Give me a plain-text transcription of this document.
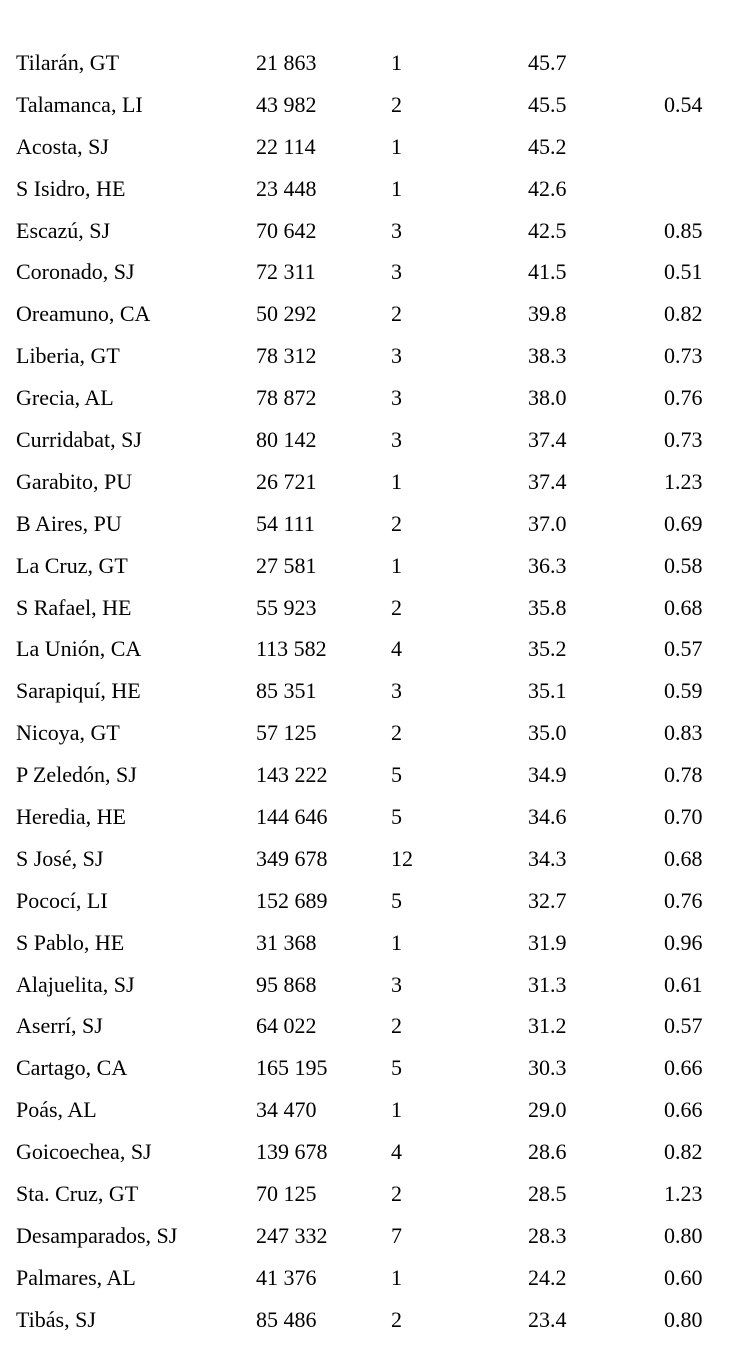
Tilarán, GT	21 863	1	45.7
Talamanca, LI	43 982	2	45.5	0.54
Acosta, SJ	22 114	1	45.2
S Isidro, HE	23 448	1	42.6
Escazú, SJ	70 642	3	42.5	0.85
Coronado, SJ	72 311	3	41.5	0.51
Oreamuno, CA	50 292	2	39.8	0.82
Liberia, GT	78 312	3	38.3	0.73
Grecia, AL	78 872	3	38.0	0.76
Curridabat, SJ	80 142	3	37.4	0.73
Garabito, PU	26 721	1	37.4	1.23
B Aires, PU	54 111	2	37.0	0.69
La Cruz, GT	27 581	1	36.3	0.58
S Rafael, HE	55 923	2	35.8	0.68
La Unión, CA	113 582	4	35.2	0.57
Sarapiquí, HE	85 351	3	35.1	0.59
Nicoya, GT	57 125	2	35.0	0.83
P Zeledón, SJ	143 222	5	34.9	0.78
Heredia, HE	144 646	5	34.6	0.70
S José, SJ	349 678	12	34.3	0.68
Pococí, LI	152 689	5	32.7	0.76
S Pablo, HE	31 368	1	31.9	0.96
Alajuelita, SJ	95 868	3	31.3	0.61
Aserrí, SJ	64 022	2	31.2	0.57
Cartago, CA	165 195	5	30.3	0.66
Poás, AL	34 470	1	29.0	0.66
Goicoechea, SJ	139 678	4	28.6	0.82
Sta. Cruz, GT	70 125	2	28.5	1.23
Desamparados, SJ	247 332	7	28.3	0.80
Palmares, AL	41 376	1	24.2	0.60
Tibás, SJ	85 486	2	23.4	0.80
